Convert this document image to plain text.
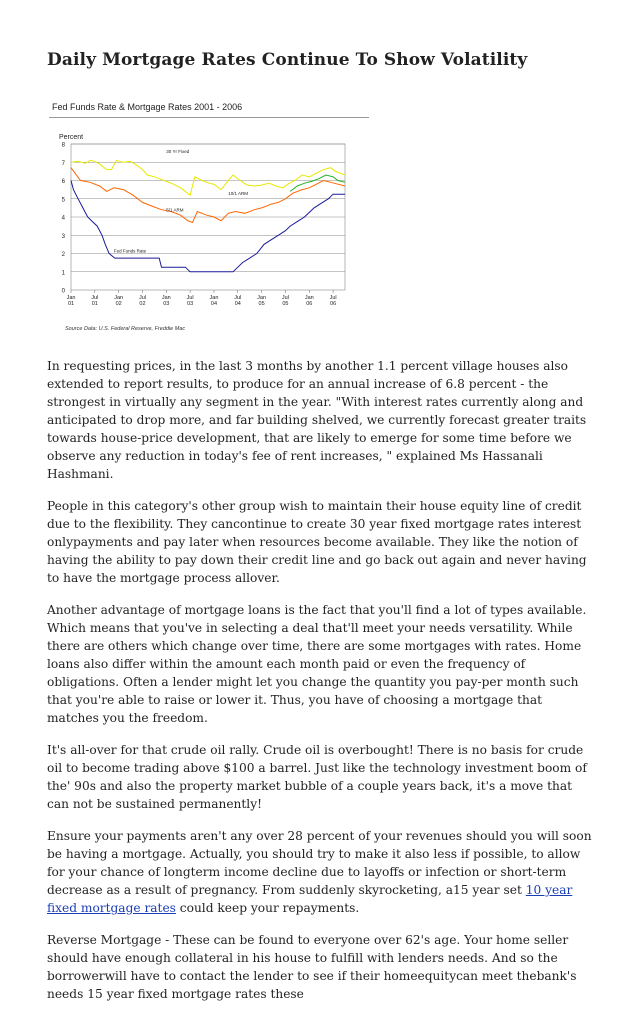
Daily Mortgage Rates Continue To Show Volatility
Fed Funds Rate & Mortgage Rates 2001 - 2006
Percent
0
1
2
3
4
5
6
7
8
Jan
01
Jul
01
Jan
02
Jul
02
Jan
03
Jul
03
Jan
04
Jul
04
Jan
05
Jul
05
Jan
06
Jul
06
30 Yr Fixed
5/1 ARM
10/1 ARM
Fed Funds Rate
Source Data: U.S. Federal Reserve, Freddie Mac

In requesting prices, in the last 3 months by another 1.1 percent village houses also extended to report results, to produce for an annual increase of 6.8 percent - the strongest in virtually any segment in the year. "With interest rates currently along and anticipated to drop more, and far building shelved, we currently forecast greater traits towards house-price development, that are likely to emerge for some time before we observe any reduction in today's fee of rent increases, " explained Ms Hassanali Hashmani.

People in this category's other group wish to maintain their house equity line of credit due to the flexibility. They cancontinue to create 30 year fixed mortgage rates interest onlypayments and pay later when resources become available. They like the notion of having the ability to pay down their credit line and go back out again and never having to have the mortgage process allover.

Another advantage of mortgage loans is the fact that you'll find a lot of types available. Which means that you've in selecting a deal that'll meet your needs versatility. While there are others which change over time, there are some mortgages with rates. Home loans also differ within the amount each month paid or even the frequency of obligations. Often a lender might let you change the quantity you pay-per month such that you're able to raise or lower it. Thus, you have of choosing a mortgage that matches you the freedom.

It's all-over for that crude oil rally. Crude oil is overbought! There is no basis for crude oil to become trading above $100 a barrel. Just like the technology investment boom of the' 90s and also the property market bubble of a couple years back, it's a move that can not be sustained permanently!

Ensure your payments aren't any over 28 percent of your revenues should you will soon be having a mortgage. Actually, you should try to make it also less if possible, to allow for your chance of longterm income decline due to layoffs or infection or short-term decrease as a result of pregnancy. From suddenly skyrocketing, a15 year set 10 year fixed mortgage rates could keep your repayments.

Reverse Mortgage - These can be found to everyone over 62's age. Your home seller should have enough collateral in his house to fulfill with lenders needs. And so the borrowerwill have to contact the lender to see if their homeequitycan meet thebank's needs 15 year fixed mortgage rates these
